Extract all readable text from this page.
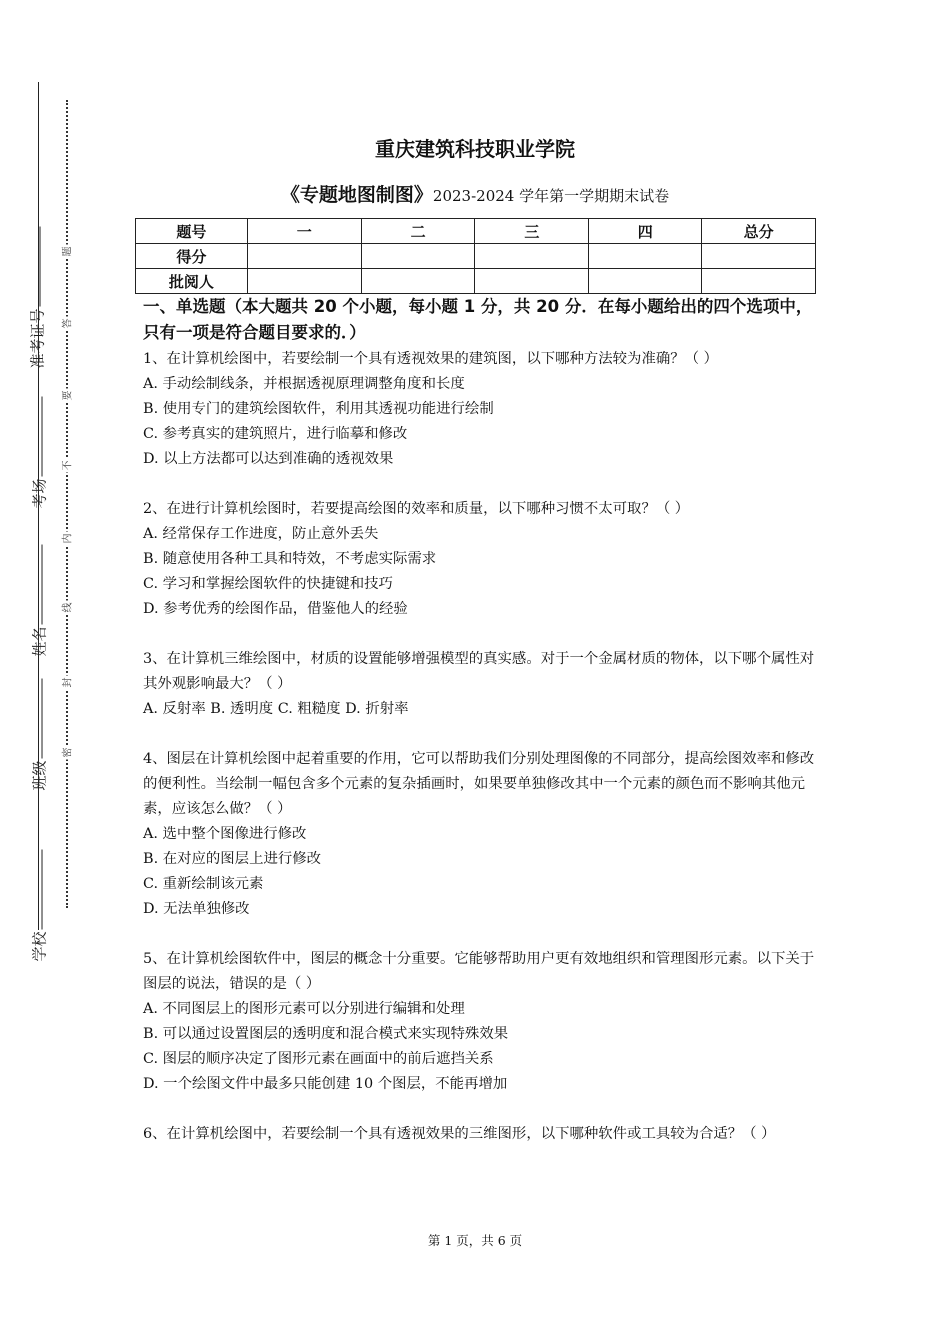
准考证号
考场
姓名
班级
学校
题
答
要
不
内
线
封
密
重庆建筑科技职业学院
《专题地图制图》2023-2024 学年第一学期期末试卷
题号	一	二	三	四	总分
得分					
批阅人					
一、单选题（本大题共 20 个小题，每小题 1 分，共 20 分．在每小题给出的四个选项中，只有一项是符合题目要求的．）
1、在计算机绘图中，若要绘制一个具有透视效果的建筑图，以下哪种方法较为准确？（ ）
A. 手动绘制线条，并根据透视原理调整角度和长度
B. 使用专门的建筑绘图软件，利用其透视功能进行绘制
C. 参考真实的建筑照片，进行临摹和修改
D. 以上方法都可以达到准确的透视效果
2、在进行计算机绘图时，若要提高绘图的效率和质量，以下哪种习惯不太可取？（ ）
A. 经常保存工作进度，防止意外丢失
B. 随意使用各种工具和特效，不考虑实际需求
C. 学习和掌握绘图软件的快捷键和技巧
D. 参考优秀的绘图作品，借鉴他人的经验
3、在计算机三维绘图中，材质的设置能够增强模型的真实感。对于一个金属材质的物体，以下哪个属性对其外观影响最大？（ ）
A. 反射率 B. 透明度 C. 粗糙度 D. 折射率
4、图层在计算机绘图中起着重要的作用，它可以帮助我们分别处理图像的不同部分，提高绘图效率和修改的便利性。当绘制一幅包含多个元素的复杂插画时，如果要单独修改其中一个元素的颜色而不影响其他元素，应该怎么做？（ ）
A. 选中整个图像进行修改
B. 在对应的图层上进行修改
C. 重新绘制该元素
D. 无法单独修改
5、在计算机绘图软件中，图层的概念十分重要。它能够帮助用户更有效地组织和管理图形元素。以下关于图层的说法，错误的是（ ）
A. 不同图层上的图形元素可以分别进行编辑和处理
B. 可以通过设置图层的透明度和混合模式来实现特殊效果
C. 图层的顺序决定了图形元素在画面中的前后遮挡关系
D. 一个绘图文件中最多只能创建 10 个图层，不能再增加
6、在计算机绘图中，若要绘制一个具有透视效果的三维图形，以下哪种软件或工具较为合适？（ ）
第 1 页，共 6 页
